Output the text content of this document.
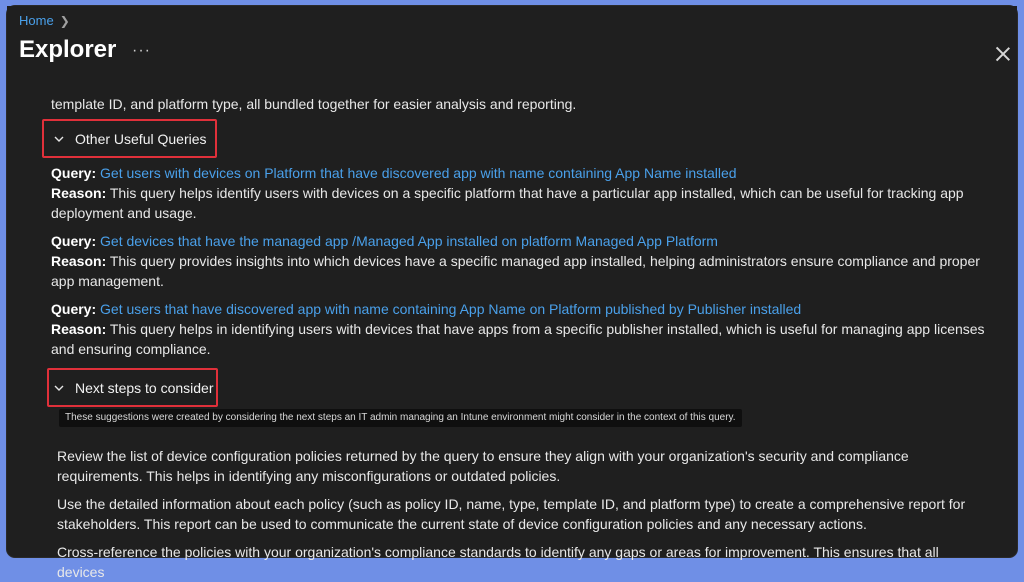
Home ❯
Explorer ···

template ID, and platform type, all bundled together for easier analysis and reporting.

Other Useful Queries
Query: Get users with devices on Platform that have discovered app with name containing App Name installed
Reason: This query helps identify users with devices on a specific platform that have a particular app installed, which can be useful for tracking app
deployment and usage.
Query: Get devices that have the managed app /Managed App installed on platform Managed App Platform
Reason: This query provides insights into which devices have a specific managed app installed, helping administrators ensure compliance and proper
app management.
Query: Get users that have discovered app with name containing App Name on Platform published by Publisher installed
Reason: This query helps in identifying users with devices that have apps from a specific publisher installed, which is useful for managing app licenses
and ensuring compliance.
Next steps to consider
These suggestions were created by considering the next steps an IT admin managing an Intune environment might consider in the context of this query.

Review the list of device configuration policies returned by the query to ensure they align with your organization's security and compliance
requirements. This helps in identifying any misconfigurations or outdated policies.

Use the detailed information about each policy (such as policy ID, name, type, template ID, and platform type) to create a comprehensive report for
stakeholders. This report can be used to communicate the current state of device configuration policies and any necessary actions.

Cross-reference the policies with your organization's compliance standards to identify any gaps or areas for improvement. This ensures that all devices
